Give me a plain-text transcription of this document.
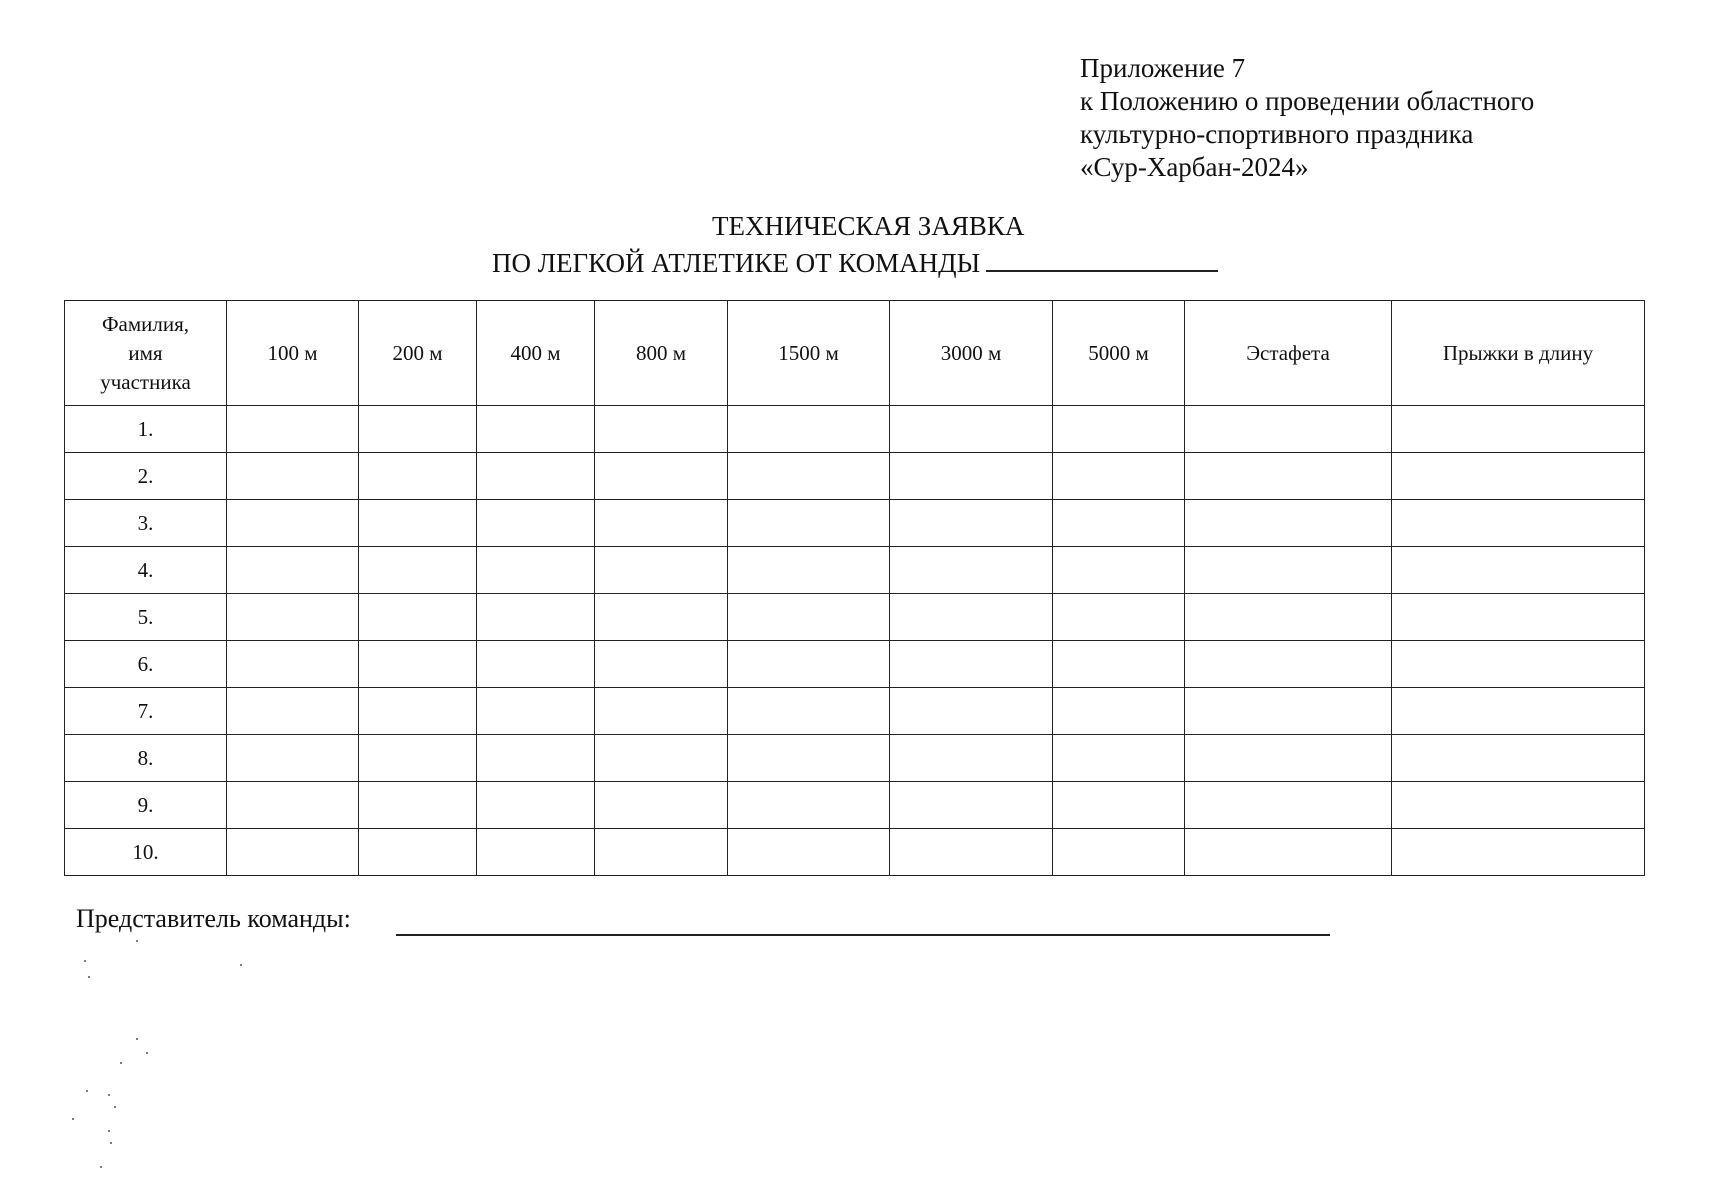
Приложение 7
к Положению о проведении областного
культурно-спортивного праздника
«Сур-Харбан-2024»
ТЕХНИЧЕСКАЯ ЗАЯВКА
ПО ЛЕГКОЙ АТЛЕТИКЕ ОТ КОМАНДЫ
Фамилия,
имя
участника	100 м	200 м	400 м	800 м	1500 м	3000 м	5000 м	Эстафета	Прыжки в длину
1.									
2.									
3.									
4.									
5.									
6.									
7.									
8.									
9.									
10.									
Представитель команды:
